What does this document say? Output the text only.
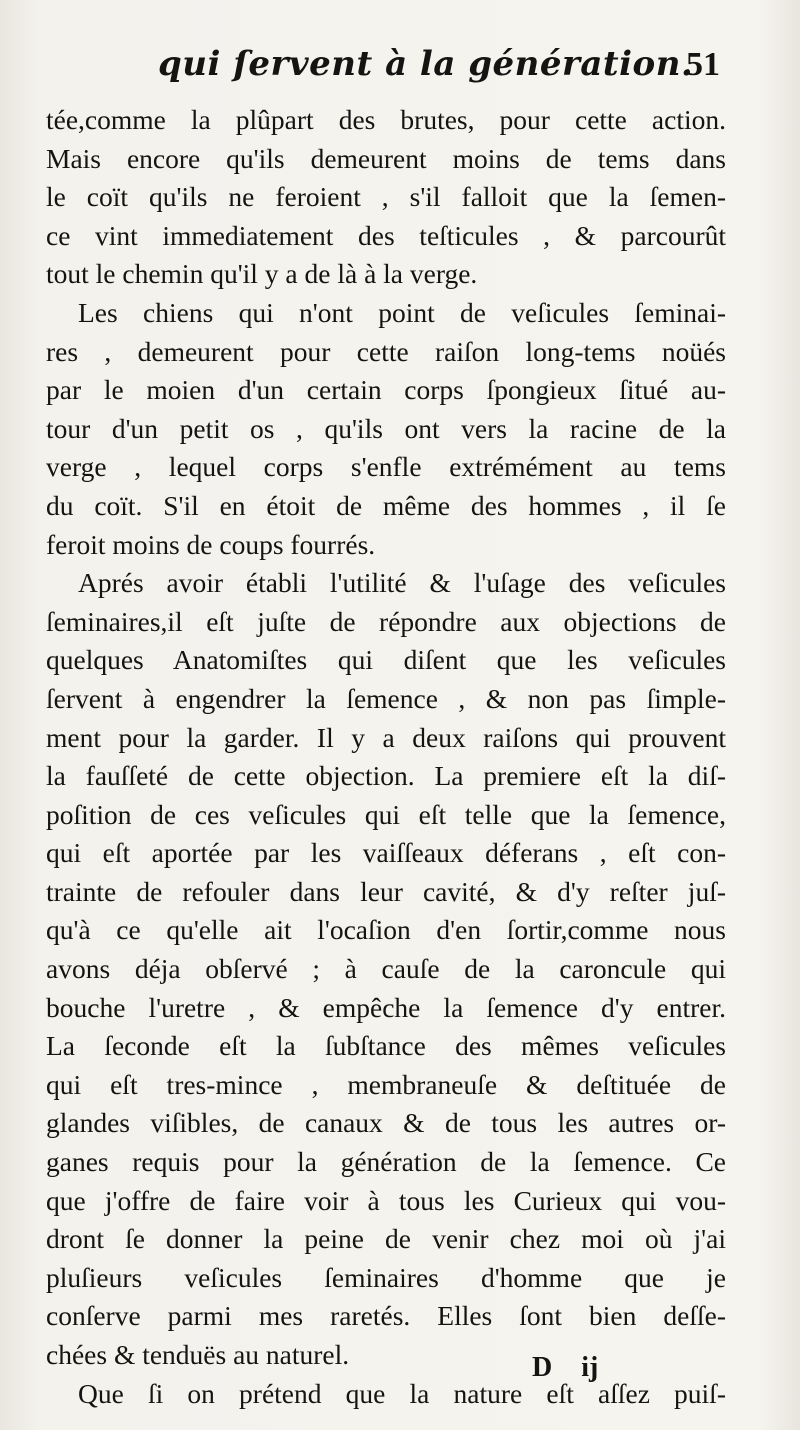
qui ſervent à la génération.
51
tée,comme la plûpart des brutes, pour cette action.
Mais encore qu'ils demeurent moins de tems dans
le coït qu'ils ne feroient , s'il falloit que la ſemen-
ce vint immediatement des teſticules , & parcourût
tout le chemin qu'il y a de là à la verge.
Les chiens qui n'ont point de veſicules ſeminai-
res , demeurent pour cette raiſon long-tems noüés
par le moien d'un certain corps ſpongieux ſitué au-
tour d'un petit os , qu'ils ont vers la racine de la
verge , lequel corps s'enfle extrémément au tems
du coït. S'il en étoit de même des hommes , il ſe
feroit moins de coups fourrés.
Aprés avoir établi l'utilité & l'uſage des veſicules
ſeminaires,il eſt juſte de répondre aux objections de
quelques Anatomiſtes qui diſent que les veſicules
ſervent à engendrer la ſemence , & non pas ſimple-
ment pour la garder. Il y a deux raiſons qui prouvent
la fauſſeté de cette objection. La premiere eſt la diſ-
poſition de ces veſicules qui eſt telle que la ſemence,
qui eſt aportée par les vaiſſeaux déferans , eſt con-
trainte de refouler dans leur cavité, & d'y reſter juſ-
qu'à ce qu'elle ait l'ocaſion d'en ſortir,comme nous
avons déja obſervé ; à cauſe de la caroncule qui
bouche l'uretre , & empêche la ſemence d'y entrer.
La ſeconde eſt la ſubſtance des mêmes veſicules
qui eſt tres-mince , membraneuſe & deſtituée de
glandes viſibles, de canaux & de tous les autres or-
ganes requis pour la génération de la ſemence. Ce
que j'offre de faire voir à tous les Curieux qui vou-
dront ſe donner la peine de venir chez moi où j'ai
pluſieurs veſicules ſeminaires d'homme que je
conſerve parmi mes raretés. Elles ſont bien deſſe-
chées & tenduës au naturel.
Que ſi on prétend que la nature eſt aſſez puiſ-
D ij
